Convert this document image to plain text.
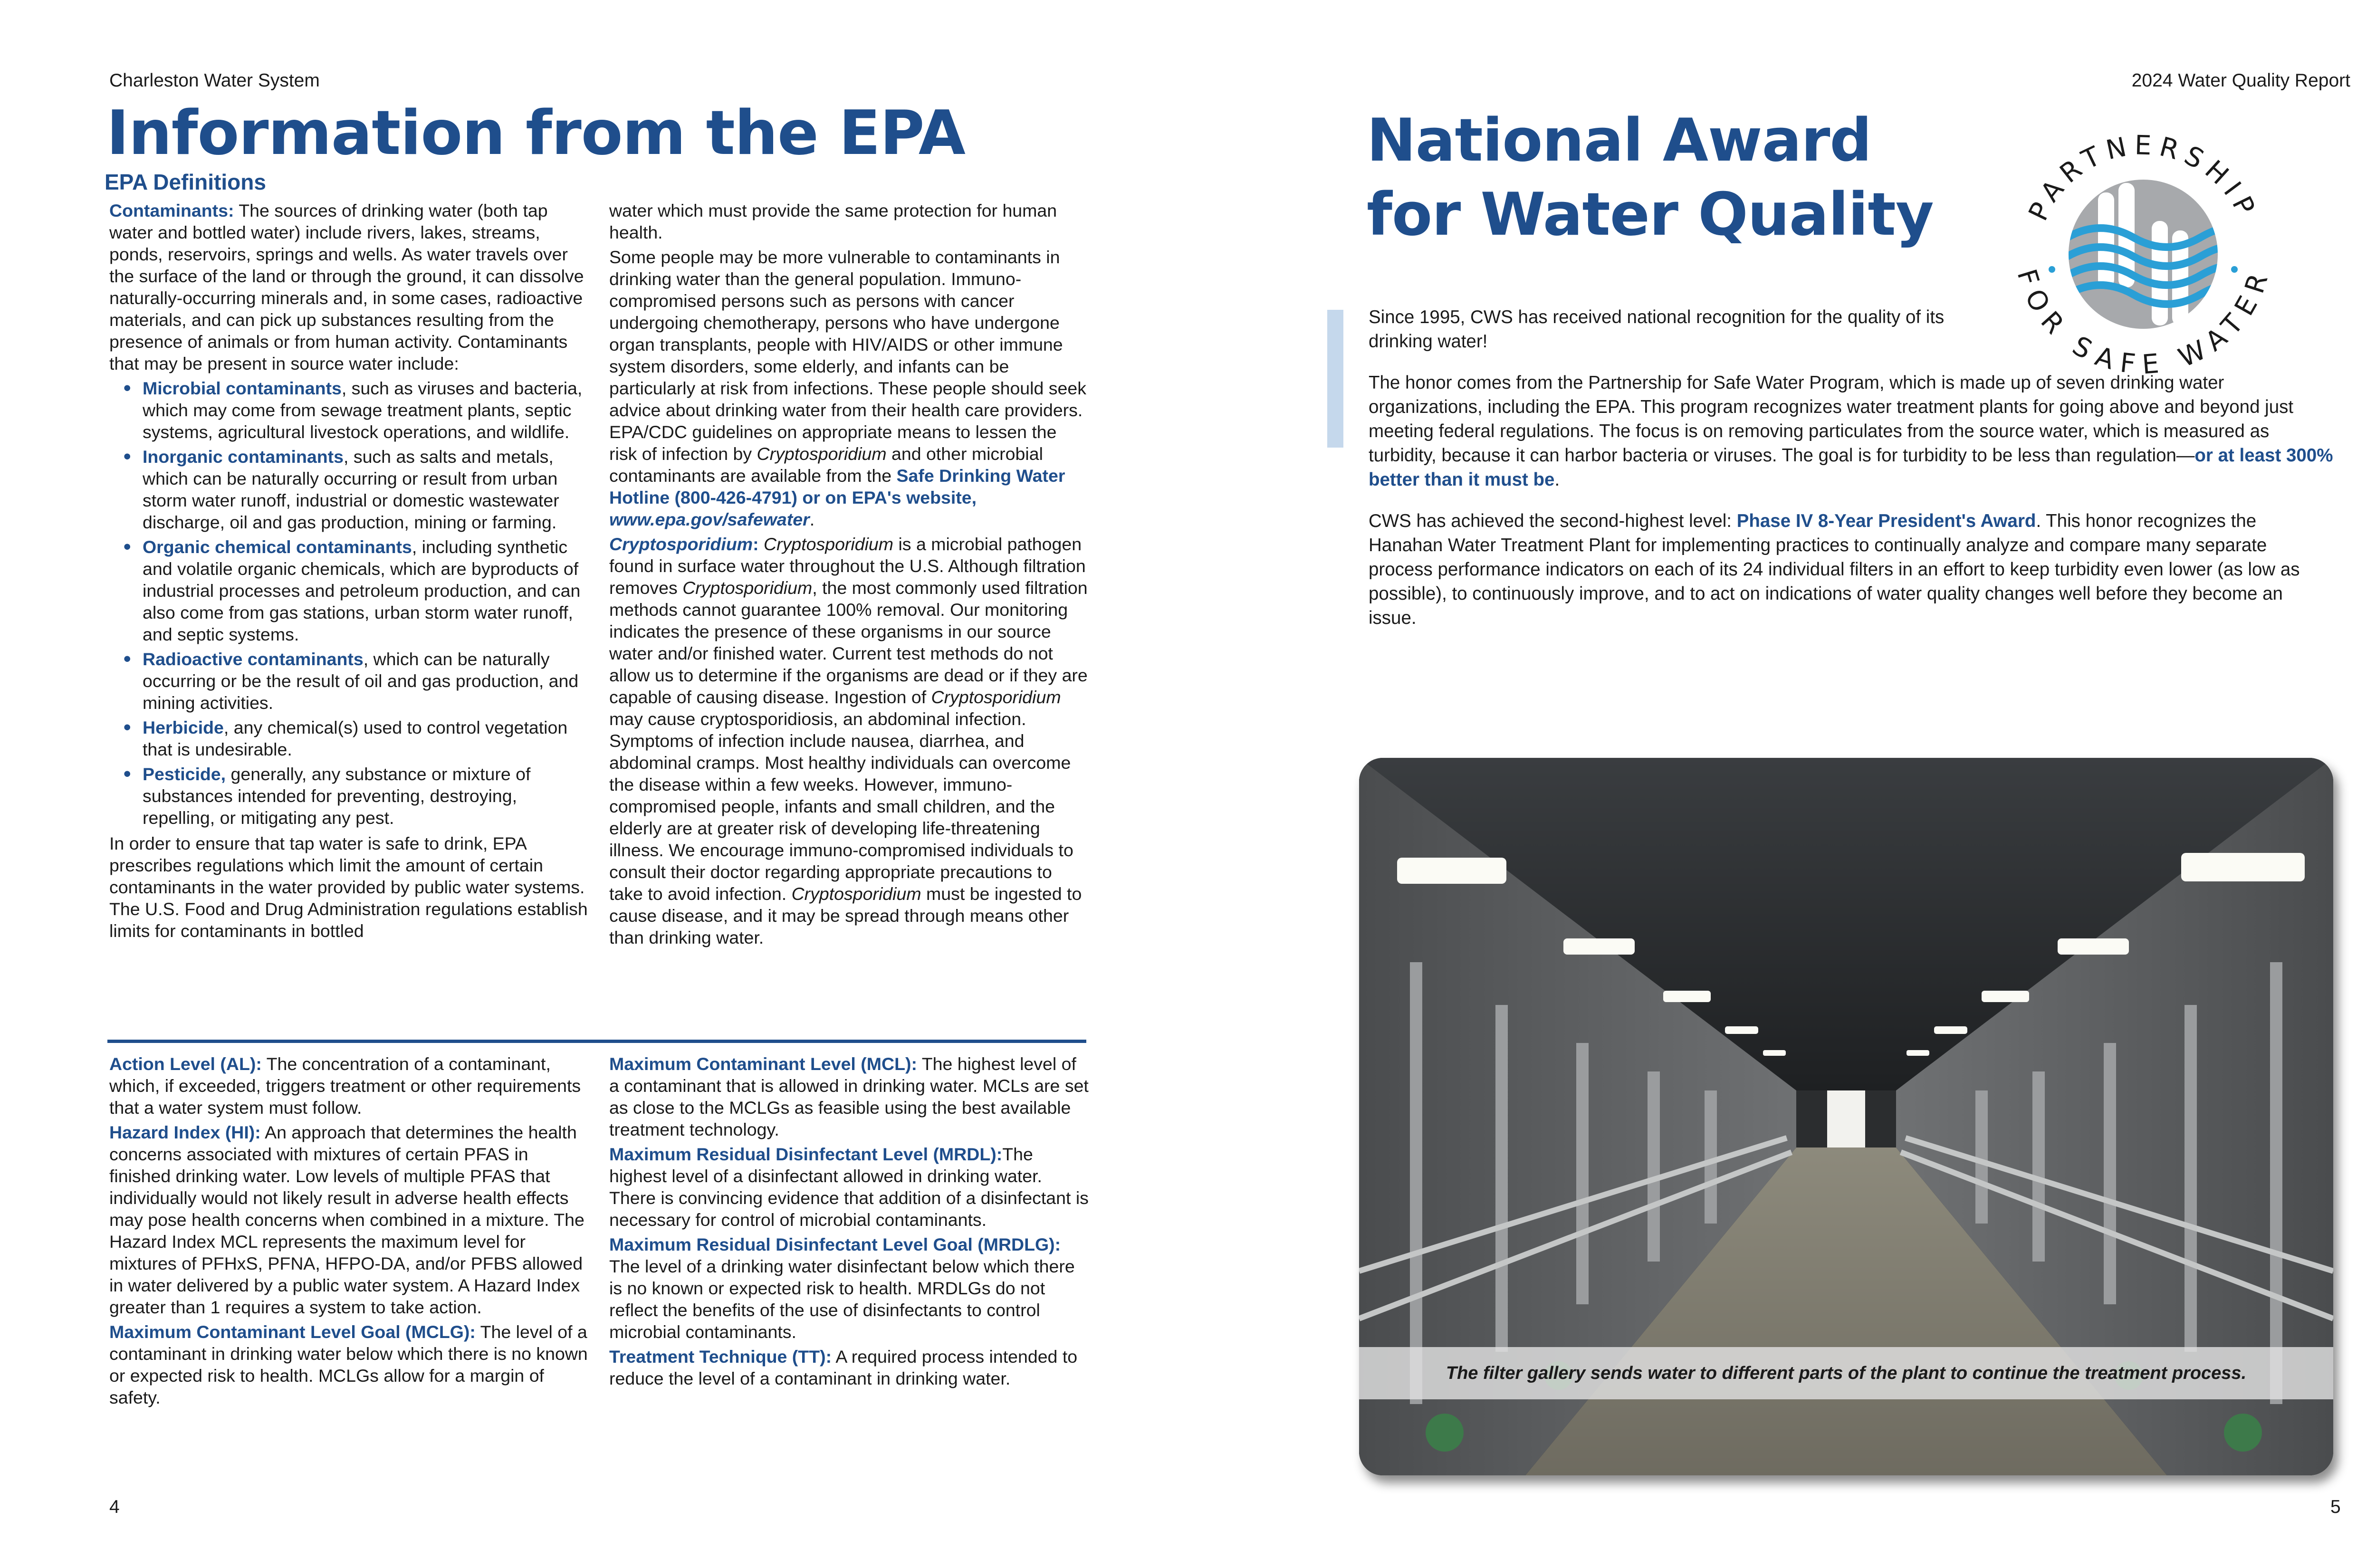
Charleston Water System	2024 Water Quality Report
Information from the EPA
EPA Definitions

Contaminants: The sources of drinking water (both tap water and bottled water) include rivers, lakes, streams, ponds, reservoirs, springs and wells. As water travels over the surface of the land or through the ground, it can dissolve naturally-occurring minerals and, in some cases, radioactive materials, and can pick up substances resulting from the presence of animals or from human activity. Contaminants that may be present in source water include:

• Microbial contaminants, such as viruses and bacteria, which may come from sewage treatment plants, septic systems, agricultural livestock operations, and wildlife.
• Inorganic contaminants, such as salts and metals, which can be naturally occurring or result from urban storm water runoff, industrial or domestic wastewater discharge, oil and gas production, mining or farming.
• Organic chemical contaminants, including synthetic and volatile organic chemicals, which are byproducts of industrial processes and petroleum production, and can also come from gas stations, urban storm water runoff, and septic systems.
• Radioactive contaminants, which can be naturally occurring or be the result of oil and gas production, and mining activities.
• Herbicide, any chemical(s) used to control vegetation that is undesirable.
• Pesticide, generally, any substance or mixture of substances intended for preventing, destroying, repelling, or mitigating any pest.

In order to ensure that tap water is safe to drink, EPA prescribes regulations which limit the amount of certain contaminants in the water provided by public water systems. The U.S. Food and Drug Administration regulations establish limits for contaminants in bottled

water which must provide the same protection for human health.

Some people may be more vulnerable to contaminants in drinking water than the general population. Immuno-compromised persons such as persons with cancer undergoing chemotherapy, persons who have undergone organ transplants, people with HIV/AIDS or other immune system disorders, some elderly, and infants can be particularly at risk from infections. These people should seek advice about drinking water from their health care providers. EPA/CDC guidelines on appropriate means to lessen the risk of infection by Cryptosporidium and other microbial contaminants are available from the Safe Drinking Water Hotline (800-426-4791) or on EPA's website, www.epa.gov/safewater.

Cryptosporidium: Cryptosporidium is a microbial pathogen found in surface water throughout the U.S. Although filtration removes Cryptosporidium, the most commonly used filtration methods cannot guarantee 100% removal. Our monitoring indicates the presence of these organisms in our source water and/or finished water. Current test methods do not allow us to determine if the organisms are dead or if they are capable of causing disease. Ingestion of Cryptosporidium may cause cryptosporidiosis, an abdominal infection. Symptoms of infection include nausea, diarrhea, and abdominal cramps. Most healthy individuals can overcome the disease within a few weeks. However, immuno-compromised people, infants and small children, and the elderly are at greater risk of developing life-threatening illness. We encourage immuno-compromised individuals to consult their doctor regarding appropriate precautions to take to avoid infection. Cryptosporidium must be ingested to cause disease, and it may be spread through means other than drinking water.

Action Level (AL): The concentration of a contaminant, which, if exceeded, triggers treatment or other requirements that a water system must follow.

Hazard Index (HI): An approach that determines the health concerns associated with mixtures of certain PFAS in finished drinking water. Low levels of multiple PFAS that individually would not likely result in adverse health effects may pose health concerns when combined in a mixture. The Hazard Index MCL represents the maximum level for mixtures of PFHxS, PFNA, HFPO-DA, and/or PFBS allowed in water delivered by a public water system. A Hazard Index greater than 1 requires a system to take action.

Maximum Contaminant Level Goal (MCLG): The level of a contaminant in drinking water below which there is no known or expected risk to health. MCLGs allow for a margin of safety.

Maximum Contaminant Level (MCL): The highest level of a contaminant that is allowed in drinking water. MCLs are set as close to the MCLGs as feasible using the best available treatment technology.

Maximum Residual Disinfectant Level (MRDL):The highest level of a disinfectant allowed in drinking water. There is convincing evidence that addition of a disinfectant is necessary for control of microbial contaminants.

Maximum Residual Disinfectant Level Goal (MRDLG): The level of a drinking water disinfectant below which there is no known or expected risk to health. MRDLGs do not reflect the benefits of the use of disinfectants to control microbial contaminants.

Treatment Technique (TT): A required process intended to reduce the level of a contaminant in drinking water.

4
National Award
for Water Quality	PARTNERSHIP
FOR SAFE WATER

Since 1995, CWS has received national recognition for the quality of its drinking water!

The honor comes from the Partnership for Safe Water Program, which is made up of seven drinking water organizations, including the EPA. This program recognizes water treatment plants for going above and beyond just meeting federal regulations. The focus is on removing particulates from the source water, which is measured as turbidity, because it can harbor bacteria or viruses. The goal is for turbidity to be less than regulation—or at least 300% better than it must be.

CWS has achieved the second-highest level: Phase IV 8-Year President's Award. This honor recognizes the Hanahan Water Treatment Plant for implementing practices to continually analyze and compare many separate process performance indicators on each of its 24 individual filters in an effort to keep turbidity even lower (as low as possible), to continuously improve, and to act on indications of water quality changes well before they become an issue.

The filter gallery sends water to different parts of the plant to continue the treatment process.
5
